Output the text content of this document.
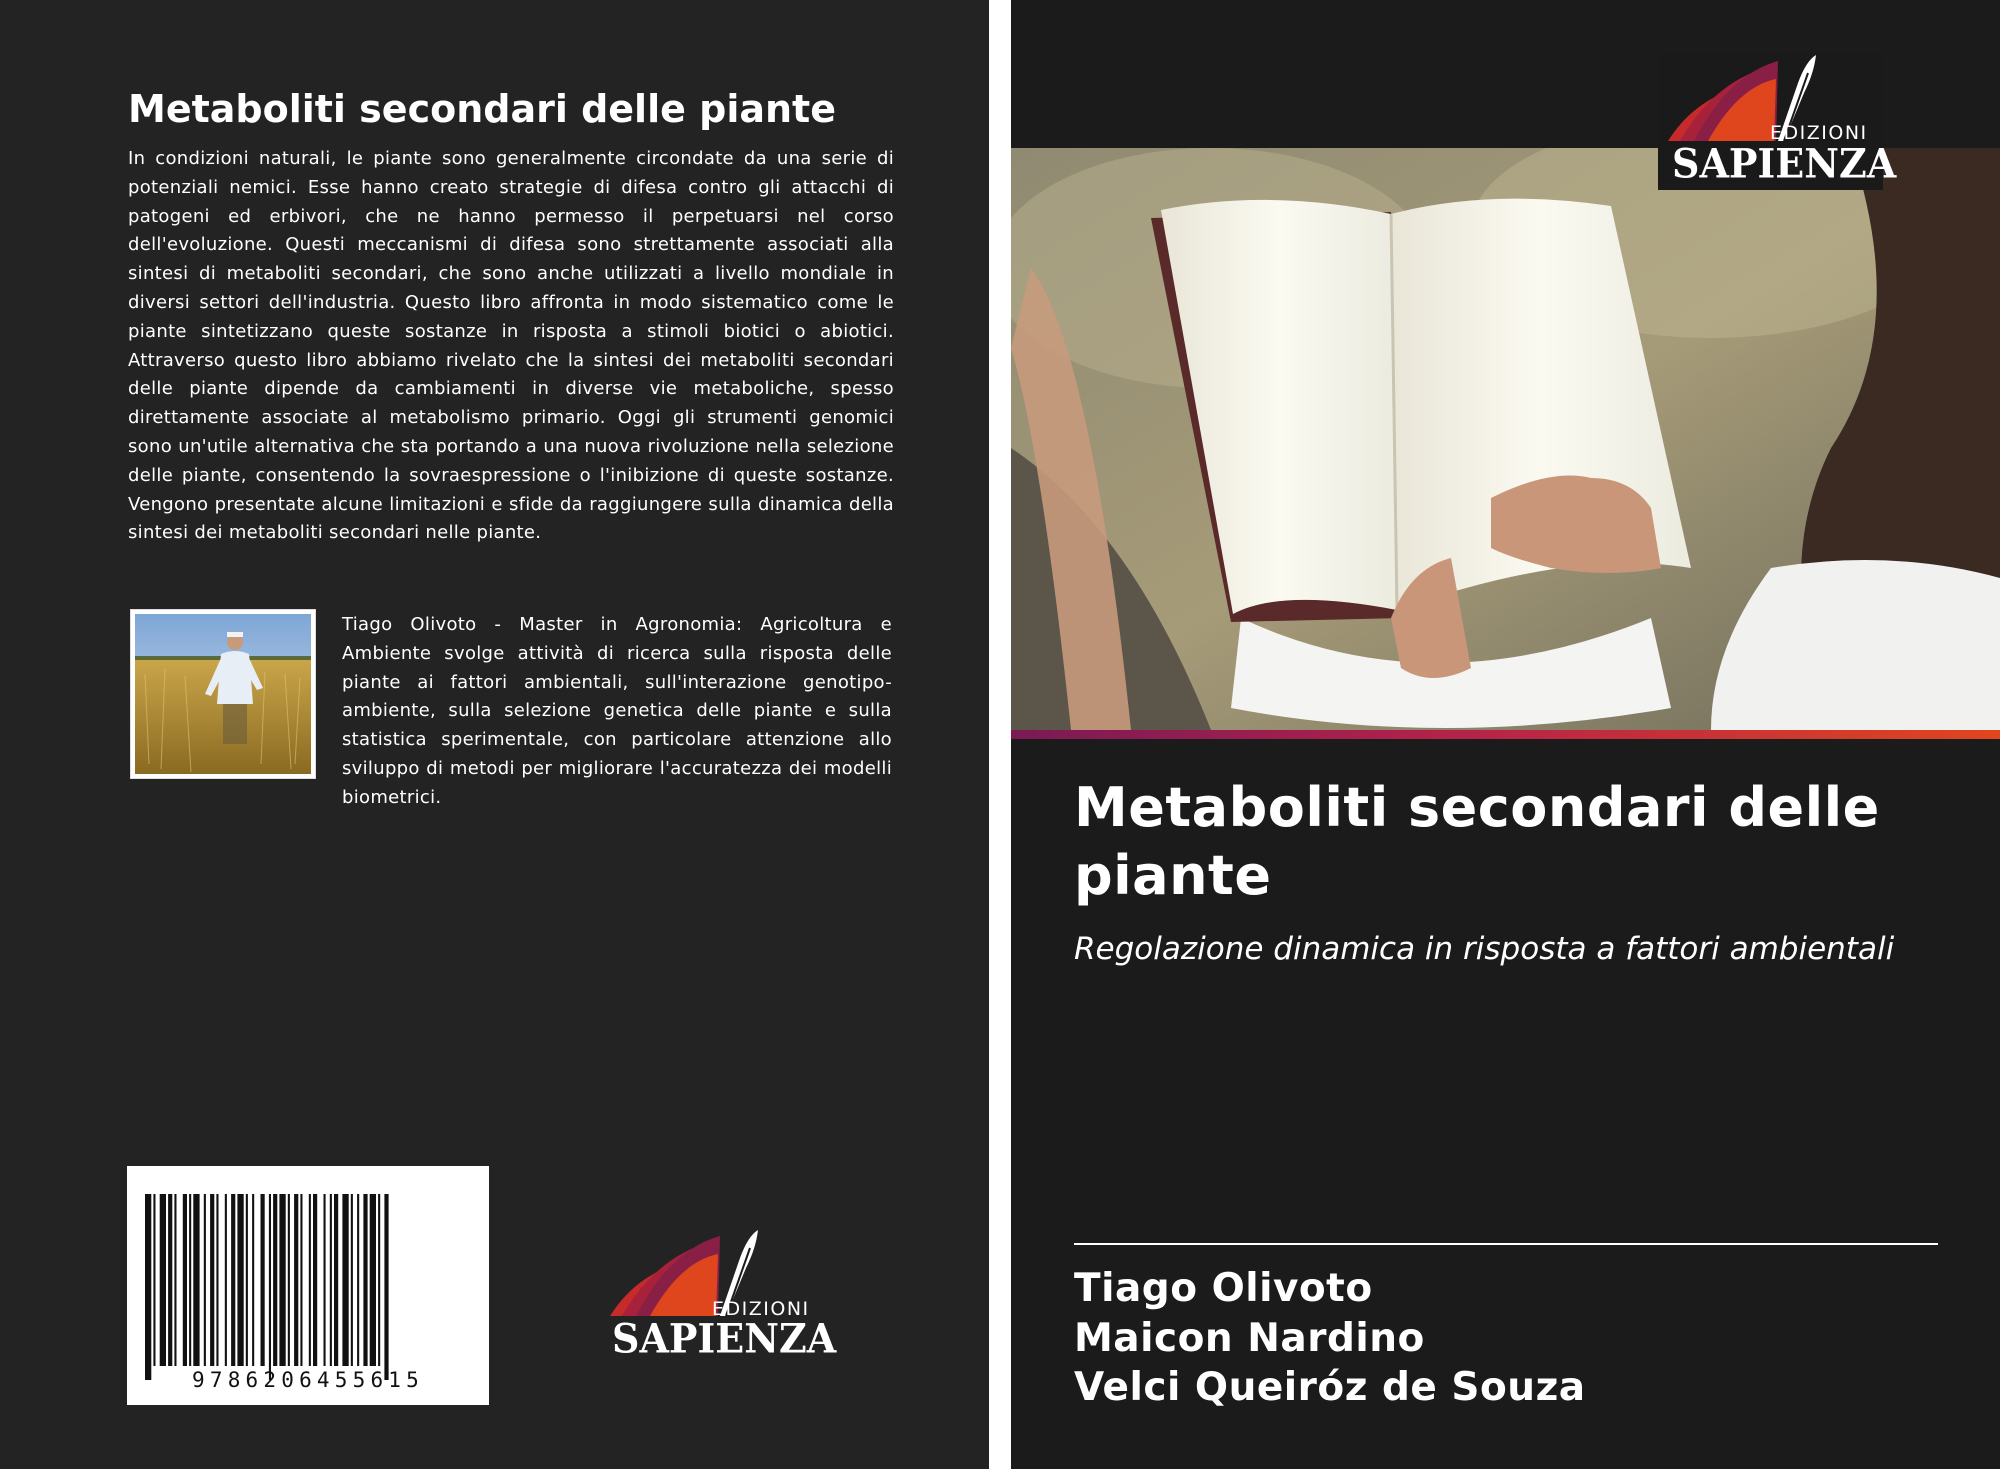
Metaboliti secondari delle piante
In condizioni naturali, le piante sono generalmente circondate da una serie di potenziali nemici. Esse hanno creato strategie di difesa contro gli attacchi di patogeni ed erbivori, che ne hanno permesso il perpetuarsi nel corso dell'evoluzione. Questi meccanismi di difesa sono strettamente associati alla sintesi di metaboliti secondari, che sono anche utilizzati a livello mondiale in diversi settori dell'industria. Questo libro affronta in modo sistematico come le piante sintetizzano queste sostanze in risposta a stimoli biotici o abiotici. Attraverso questo libro abbiamo rivelato che la sintesi dei metaboliti secondari delle piante dipende da cambiamenti in diverse vie metaboliche, spesso direttamente associate al metabolismo primario. Oggi gli strumenti genomici sono un'utile alternativa che sta portando a una nuova rivoluzione nella selezione delle piante, consentendo la sovraespressione o l'inibizione di queste sostanze. Vengono presentate alcune limitazioni e sfide da raggiungere sulla dinamica della sintesi dei metaboliti secondari nelle piante.
Tiago Olivoto - Master in Agronomia: Agricoltura e Ambiente svolge attività di ricerca sulla risposta delle piante ai fattori ambientali, sull'interazione genotipo-ambiente, sulla selezione genetica delle piante e sulla statistica sperimentale, con particolare attenzione allo sviluppo di metodi per migliorare l'accuratezza dei modelli biometrici.
9786206455615
EDIZIONI
SAPIENZA
EDIZIONI
SAPIENZA
Metaboliti secondari delle piante
Regolazione dinamica in risposta a fattori ambientali
Tiago Olivoto
Maicon Nardino
Velci Queiróz de Souza
